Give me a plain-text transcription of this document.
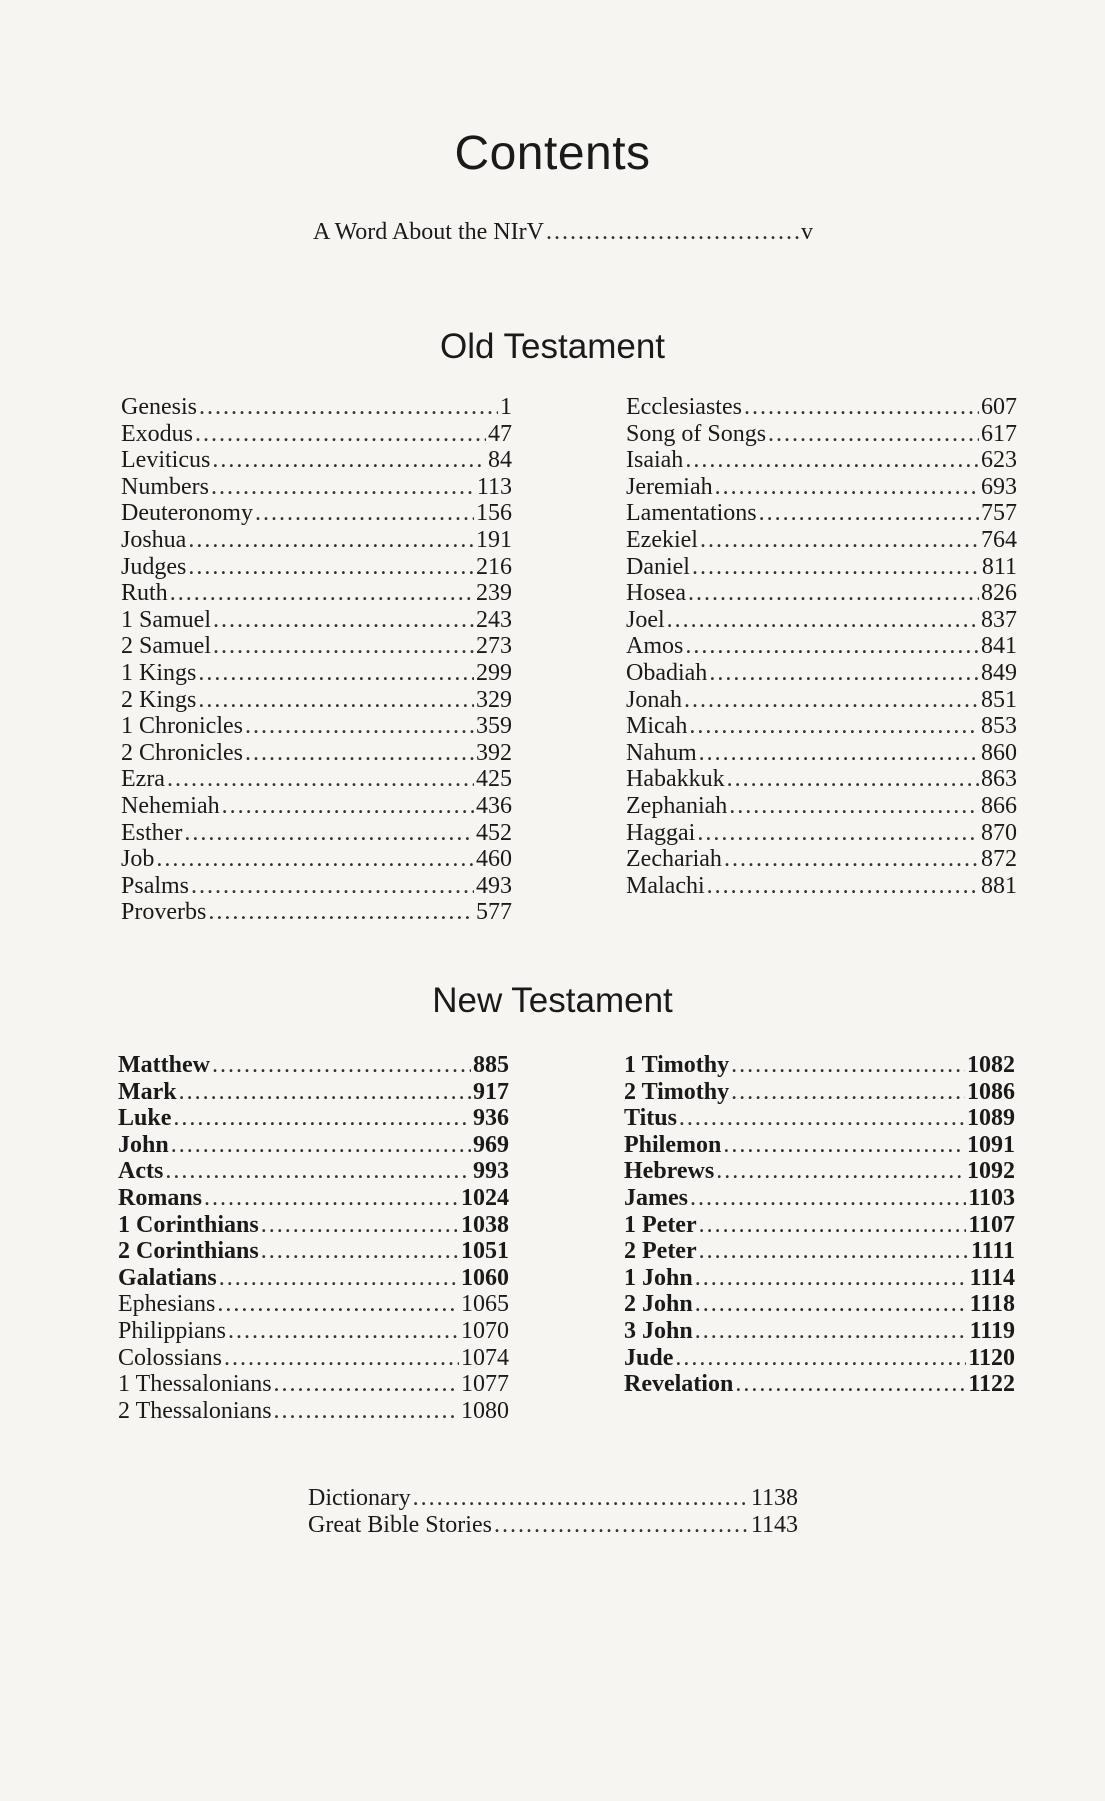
Contents
A Word About the NIrV .....	v
Old Testament
Genesis .....	1
Exodus .....	47
Leviticus .....	84
Numbers .....	113
Deuteronomy .....	156
Joshua .....	191
Judges .....	216
Ruth .....	239
1 Samuel .....	243
2 Samuel .....	273
1 Kings .....	299
2 Kings .....	329
1 Chronicles .....	359
2 Chronicles .....	392
Ezra .....	425
Nehemiah .....	436
Esther .....	452
Job .....	460
Psalms .....	493
Proverbs .....	577
Ecclesiastes .....	607
Song of Songs .....	617
Isaiah .....	623
Jeremiah .....	693
Lamentations .....	757
Ezekiel .....	764
Daniel .....	811
Hosea .....	826
Joel .....	837
Amos .....	841
Obadiah .....	849
Jonah .....	851
Micah .....	853
Nahum .....	860
Habakkuk .....	863
Zephaniah .....	866
Haggai .....	870
Zechariah .....	872
Malachi .....	881
New Testament
Matthew .....	885
Mark .....	917
Luke .....	936
John .....	969
Acts .....	993
Romans .....	1024
1 Corinthians .....	1038
2 Corinthians .....	1051
Galatians .....	1060
Ephesians .....	1065
Philippians .....	1070
Colossians .....	1074
1 Thessalonians .....	1077
2 Thessalonians .....	1080
1 Timothy .....	1082
2 Timothy .....	1086
Titus .....	1089
Philemon .....	1091
Hebrews .....	1092
James .....	1103
1 Peter .....	1107
2 Peter .....	1111
1 John .....	1114
2 John .....	1118
3 John .....	1119
Jude .....	1120
Revelation .....	1122
Dictionary .....	1138
Great Bible Stories .....	1143
